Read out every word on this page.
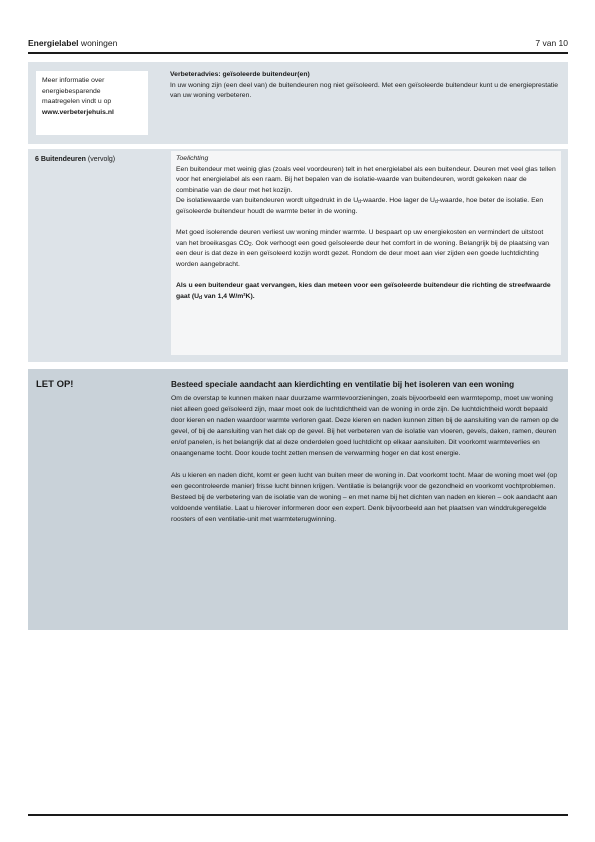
Energielabel woningen	7 van 10
Meer informatie over
energiebesparende
maatregelen vindt u op
www.verbeterjehuis.nl
Verbeteradvies: geïsoleerde buitendeur(en)
In uw woning zijn (een deel van) de buitendeuren nog niet geïsoleerd. Met een geïsoleerde buitendeur kunt u de energieprestatie van uw woning verbeteren.
6 Buitendeuren (vervolg)	Toelichting

Een buitendeur met weinig glas (zoals veel voordeuren) telt in het energielabel als een buitendeur. Deuren met veel glas tellen voor het energielabel als een raam. Bij het bepalen van de isolatie-waarde van buitendeuren, wordt gekeken naar de combinatie van de deur met het kozijn.

De isolatiewaarde van buitendeuren wordt uitgedrukt in de $U_d$-waarde. Hoe lager de $U_d$-waarde, hoe beter de isolatie. Een geïsoleerde buitendeur houdt de warmte beter in de woning.

Met goed isolerende deuren verliest uw woning minder warmte. U bespaart op uw energiekosten en vermindert de uitstoot van het broeikasgas $CO_2$. Ook verhoogt een goed geïsoleerde deur het comfort in de woning. Belangrijk bij de plaatsing van een deur is dat deze in een geïsoleerd kozijn wordt gezet. Rondom de deur moet aan vier zijden een goede luchtdichting worden aangebracht.

Als u een buitendeur gaat vervangen, kies dan meteen voor een geïsoleerde buitendeur die richting de streefwaarde gaat ($U_d$ van 1,4 W/m²K).

LET OP!	Besteed speciale aandacht aan kierdichting en ventilatie bij het isoleren van een woning

Om de overstap te kunnen maken naar duurzame warmtevoorzieningen, zoals bijvoorbeeld een warmtepomp, moet uw woning niet alleen goed geïsoleerd zijn, maar moet ook de luchtdichtheid van de woning in orde zijn. De luchtdichtheid wordt bepaald door kieren en naden waardoor warmte verloren gaat. Deze kieren en naden kunnen zitten bij de aansluiting van de ramen op de gevel, of bij de aansluiting van het dak op de gevel. Bij het verbeteren van de isolatie van vloeren, gevels, daken, ramen, deuren en/of panelen, is het belangrijk dat al deze onderdelen goed luchtdicht op elkaar aansluiten. Dit voorkomt warmteverlies en onaangename tocht. Door koude tocht zetten mensen de verwarming hoger en dat kost energie.

Als u kieren en naden dicht, komt er geen lucht van buiten meer de woning in. Dat voorkomt tocht. Maar de woning moet wel (op een gecontroleerde manier) frisse lucht binnen krijgen. Ventilatie is belangrijk voor de gezondheid en voorkomt vochtproblemen. Besteed bij de verbetering van de isolatie van de woning – en met name bij het dichten van naden en kieren – ook aandacht aan voldoende ventilatie. Laat u hierover informeren door een expert. Denk bijvoorbeeld aan het plaatsen van winddrukgeregelde roosters of een ventilatie-unit met warmteterugwinning.
